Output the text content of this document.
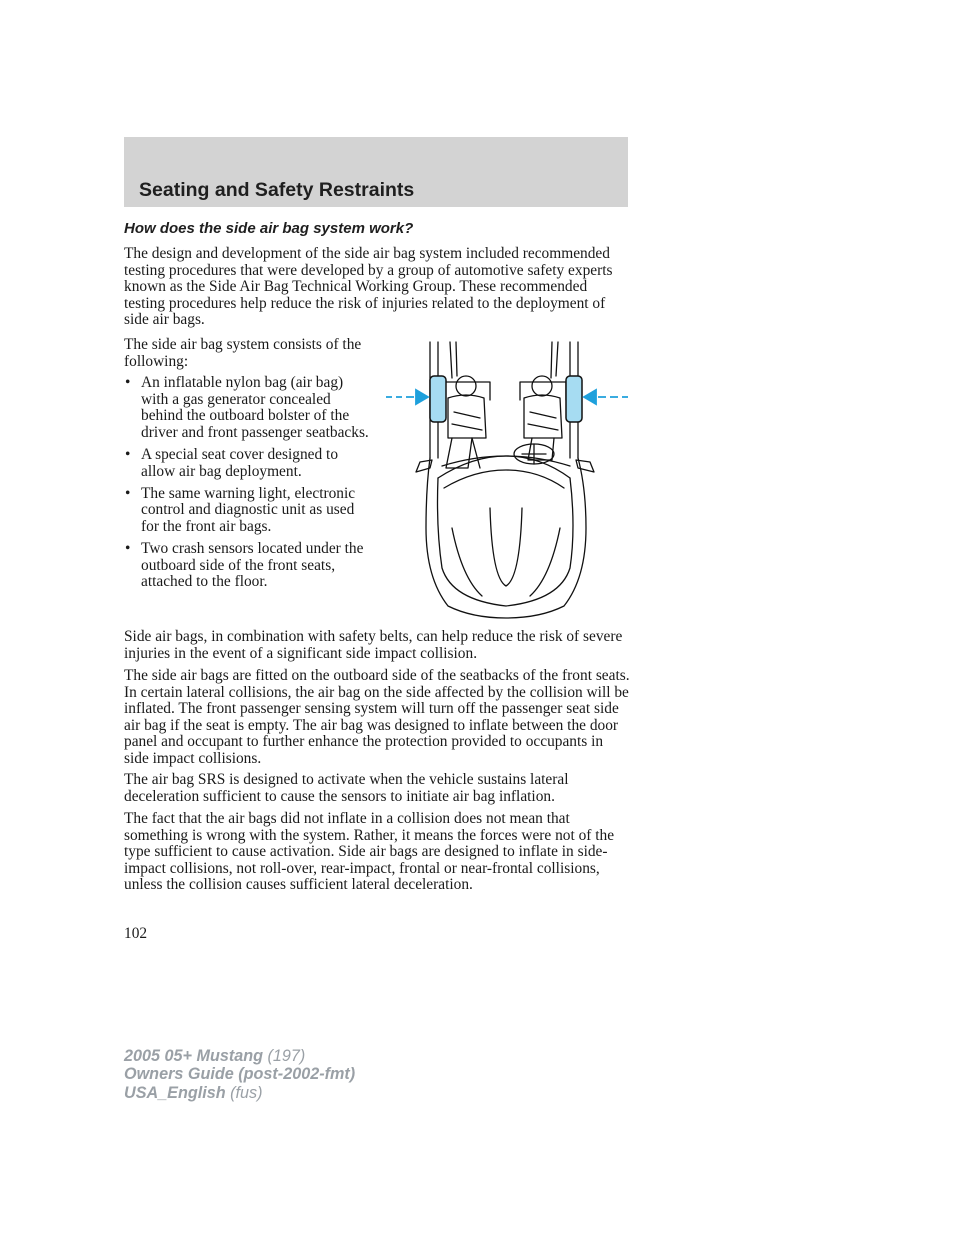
Seating and Safety Restraints
How does the side air bag system work?

The design and development of the side air bag system included recommended testing procedures that were developed by a group of automotive safety experts known as the Side Air Bag Technical Working Group. These recommended testing procedures help reduce the risk of injuries related to the deployment of side air bags.

The side air bag system consists of the following:

• An inflatable nylon bag (air bag) with a gas generator concealed behind the outboard bolster of the driver and front passenger seatbacks.
• A special seat cover designed to allow air bag deployment.
• The same warning light, electronic control and diagnostic unit as used for the front air bags.
• Two crash sensors located under the outboard side of the front seats, attached to the floor.

Side air bags, in combination with safety belts, can help reduce the risk of severe injuries in the event of a significant side impact collision.

The side air bags are fitted on the outboard side of the seatbacks of the front seats. In certain lateral collisions, the air bag on the side affected by the collision will be inflated. The front passenger sensing system will turn off the passenger seat side air bag if the seat is empty. The air bag was designed to inflate between the door panel and occupant to further enhance the protection provided to occupants in side impact collisions.

The air bag SRS is designed to activate when the vehicle sustains lateral deceleration sufficient to cause the sensors to initiate air bag inflation.

The fact that the air bags did not inflate in a collision does not mean that something is wrong with the system. Rather, it means the forces were not of the type sufficient to cause activation. Side air bags are designed to inflate in side-impact collisions, not roll-over, rear-impact, frontal or near-frontal collisions, unless the collision causes sufficient lateral deceleration.

102

2005 05+ Mustang (197)
Owners Guide (post-2002-fmt)
USA_English (fus)
